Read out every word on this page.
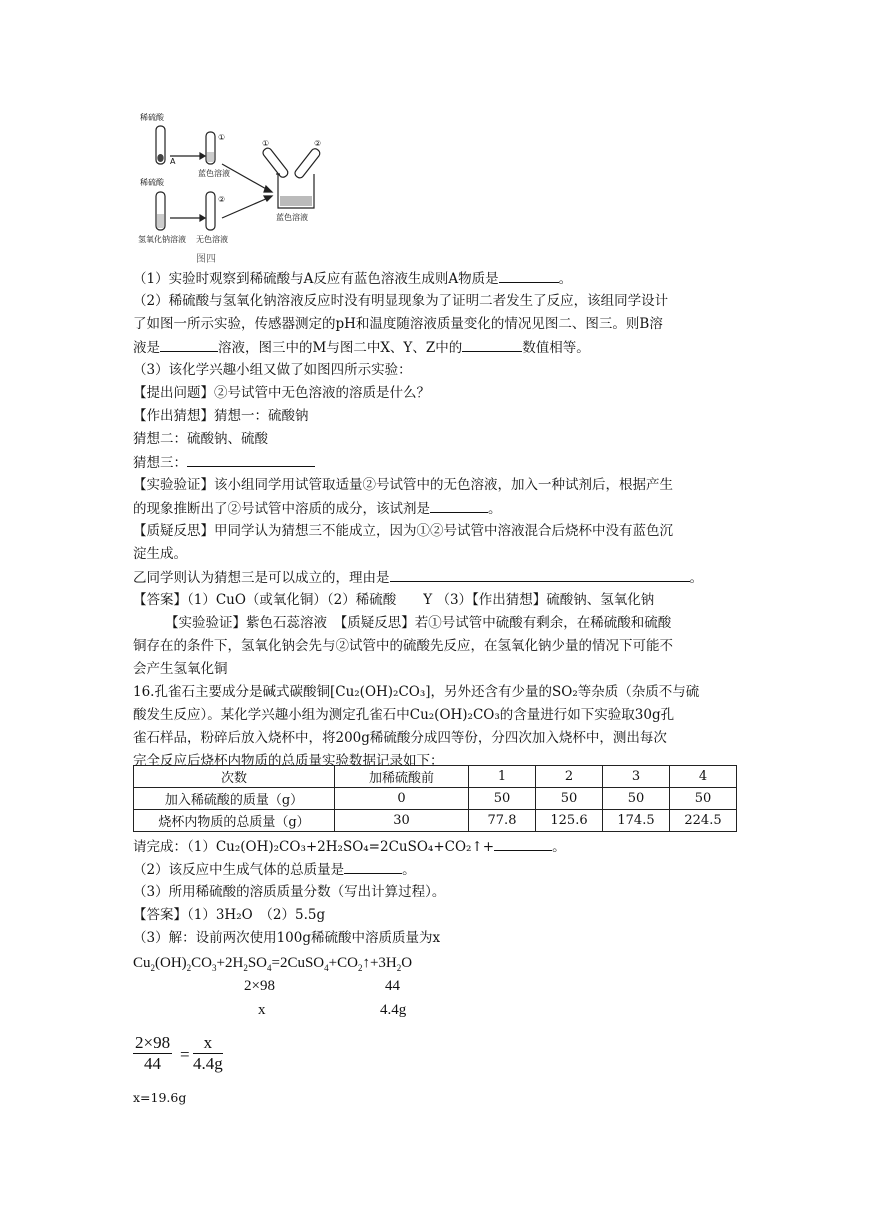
稀硫酸
A
①
蓝色溶液
稀硫酸
②
氢氧化钠溶液 无色溶液
①	②
蓝色溶液
图四
（1）实验时观察到稀硫酸与A反应有蓝色溶液生成则A物质是	。
（2）稀硫酸与氢氧化钠溶液反应时没有明显现象为了证明二者发生了反应，该组同学设计
了如图一所示实验，传感器测定的pH和温度随溶液质量变化的情况见图二、图三。则B溶
液是	溶液，图三中的M与图二中X、Y、Z中的	数值相等。
（3）该化学兴趣小组又做了如图四所示实验：
【提出问题】②号试管中无色溶液的溶质是什么？
【作出猜想】猜想一：硫酸钠
猜想二：硫酸钠、硫酸
猜想三：
【实验验证】该小组同学用试管取适量②号试管中的无色溶液，加入一种试剂后，根据产生
的现象推断出了②号试管中溶质的成分，该试剂是	。
【质疑反思】甲同学认为猜想三不能成立，因为①②号试管中溶液混合后烧杯中没有蓝色沉
淀生成。
乙同学则认为猜想三是可以成立的，理由是	。
【答案】（1）CuO（或氧化铜）（2）稀硫酸　　Y （3）【作出猜想】硫酸钠、氢氧化钠
【实验验证】紫色石蕊溶液　【质疑反思】若①号试管中硫酸有剩余，在稀硫酸和硫酸
铜存在的条件下，氢氧化钠会先与②试管中的硫酸先反应，在氢氧化钠少量的情况下可能不
会产生氢氧化铜
16.孔雀石主要成分是碱式碳酸铜[Cu₂(OH)₂CO₃]，另外还含有少量的SO₂等杂质（杂质不与硫
酸发生反应）。某化学兴趣小组为测定孔雀石中Cu₂(OH)₂CO₃的含量进行如下实验取30g孔
雀石样品，粉碎后放入烧杯中，将200g稀硫酸分成四等份，分四次加入烧杯中，测出每次
完全反应后烧杯内物质的总质量实验数据记录如下：
请完成：（1）Cu₂(OH)₂CO₃+2H₂SO₄=2CuSO₄+CO₂↑+	。
（2）该反应中生成气体的总质量是	。
（3）所用稀硫酸的溶质质量分数（写出计算过程）。
【答案】（1）3H₂O　（2）5.5g
（3）解：设前两次使用100g稀硫酸中溶质质量为x
次数	加稀硫酸前	1	2	3	4
加入稀硫酸的质量（g）	0	50	50	50	50
烧杯内物质的总质量（g）	30	77.8	125.6	174.5	224.5
$Cu_2(OH)_2CO_3+2H_2SO_4=2CuSO_4+CO_2↑+3H_2O$
2×98	44
x	4.4g
$\frac{2\times 98}{44} = \frac{x}{4.4g}$
x=19.6g
